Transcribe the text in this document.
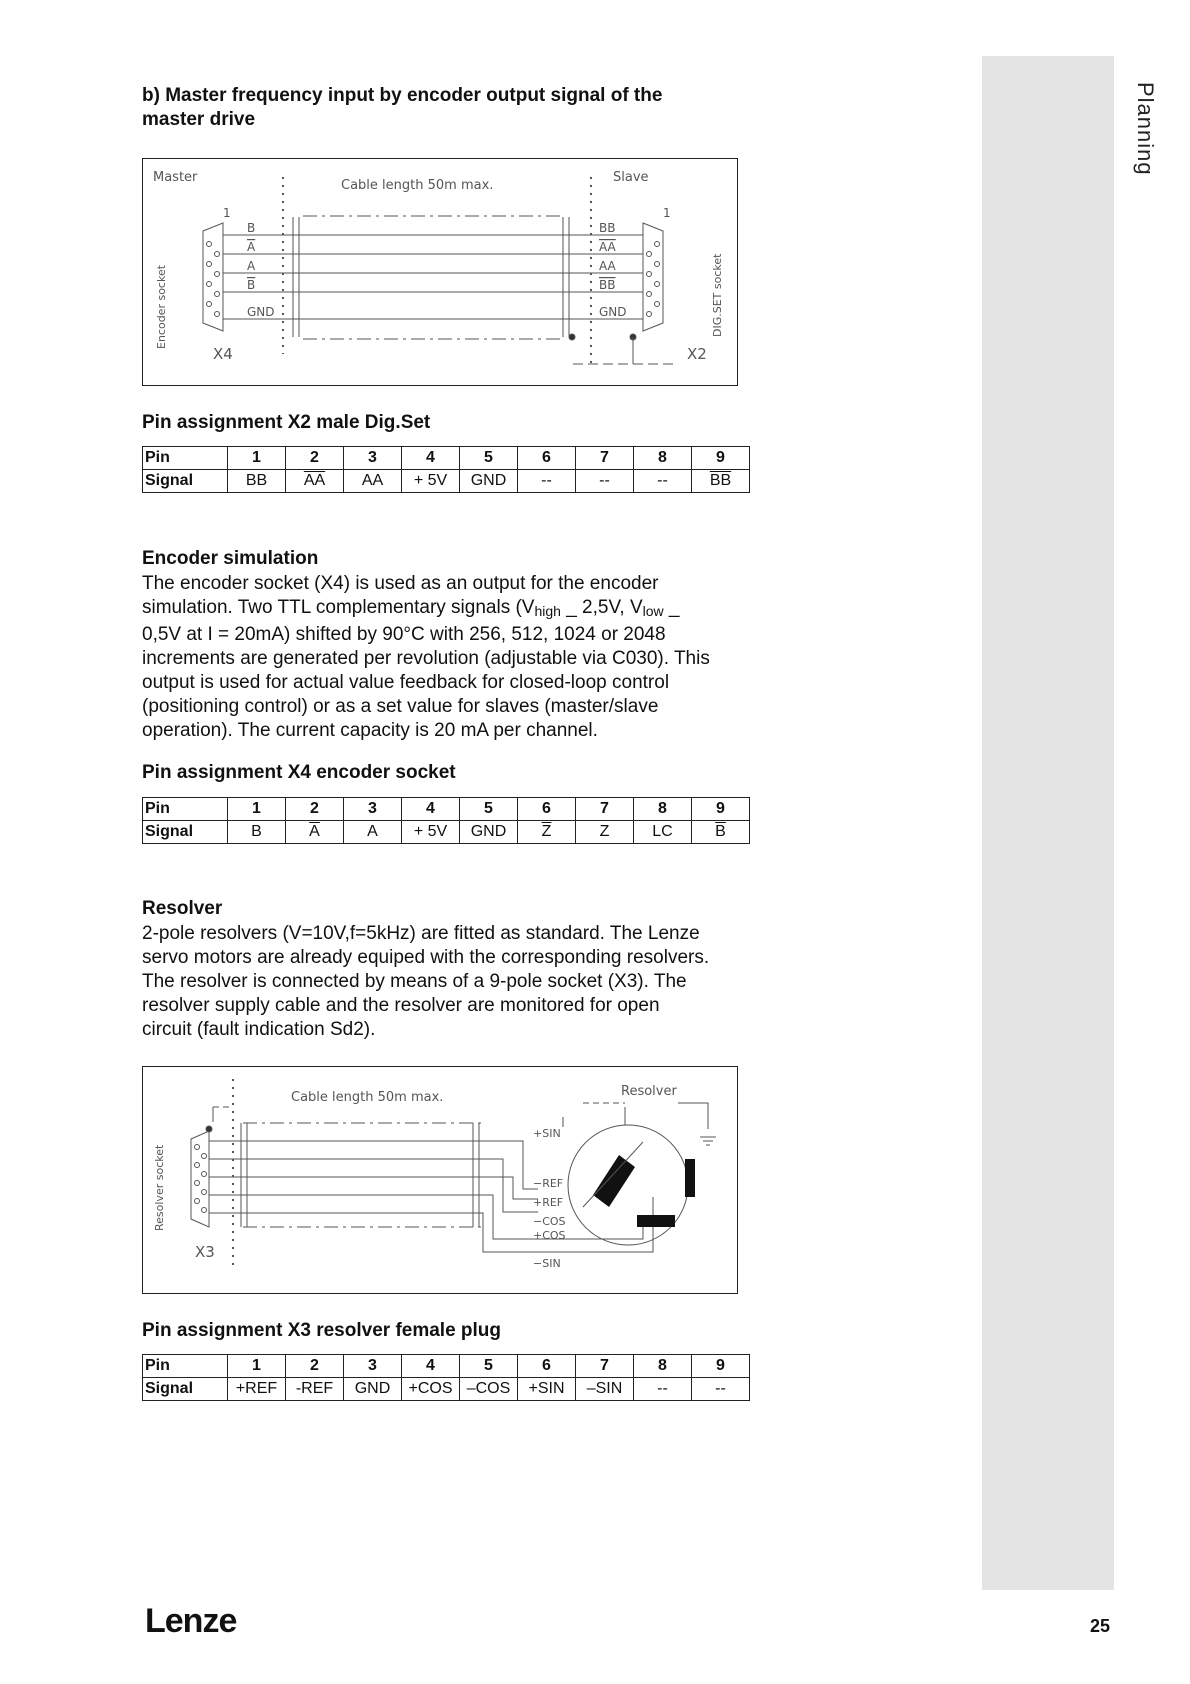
Planning
b) Master frequency input by encoder output signal of the
master drive
Master	Slave
Cable length 50m max.
1
Encoder socket
X4
1
DIG.SET socket
X2
B
A
A
B
GND
BB
AA
AA
BB
GND
Pin assignment X2 male Dig.Set
Pin	1	2	3	4	5	6	7	8	9
Signal	BB	$\overline{AA}$	AA	+ 5V	GND	--	--	--	$\overline{BB}$
Encoder simulation
The encoder socket (X4) is used as an output for the encoder
simulation. Two TTL complementary signals ($V_{high}$ _ 2,5V, $V_{low}$ _
0,5V at I = 20mA) shifted by 90°C with 256, 512, 1024 or 2048
increments are generated per revolution (adjustable via C030). This
output is used for actual value feedback for closed-loop control
(positioning control) or as a set value for slaves (master/slave
operation). The current capacity is 20 mA per channel.
Pin assignment X4 encoder socket
Pin	1	2	3	4	5	6	7	8	9
Signal	B	$\overline{A}$	A	+ 5V	GND	$\overline{Z}$	Z	LC	$\overline{B}$
Resolver
2-pole resolvers (V=10V,f=5kHz) are fitted as standard. The Lenze
servo motors are already equiped with the corresponding resolvers.
The resolver is connected by means of a 9-pole socket (X3). The
resolver supply cable and the resolver are monitored for open
circuit (fault indication Sd2).
Cable length 50m max.	Resolver
Resolver socket
X3
+SIN
−REF
+REF
−COS
+COS
−SIN
Pin assignment X3 resolver female plug
Pin	1	2	3	4	5	6	7	8	9
Signal	+REF	-REF	GND	+COS	–COS	+SIN	–SIN	--	--
Lenze	25
